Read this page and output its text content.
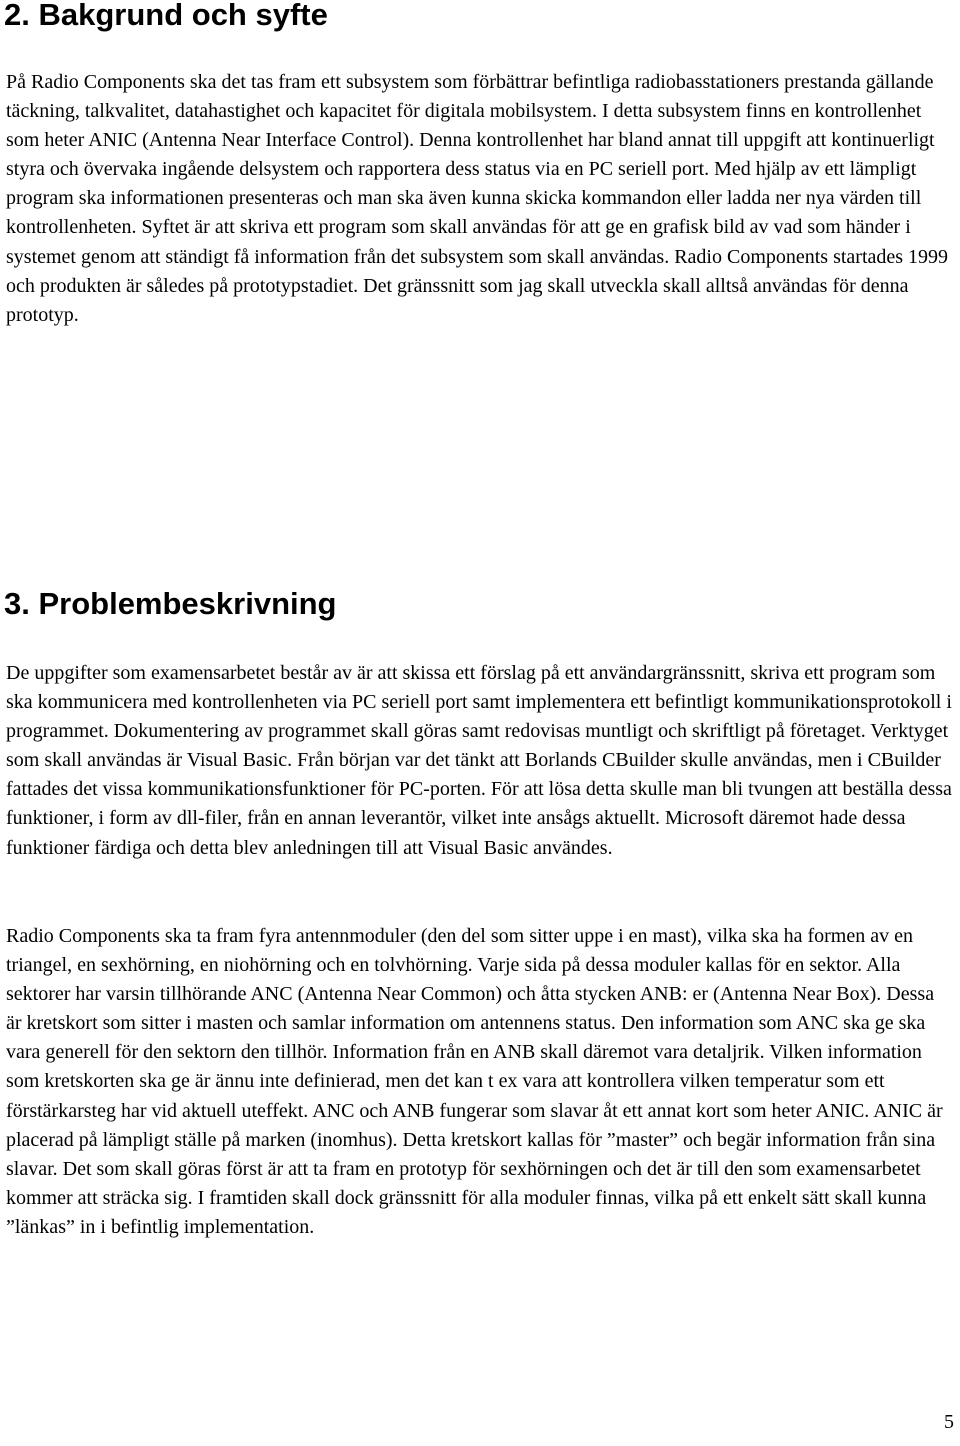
2. Bakgrund och syfte

På Radio Components ska det tas fram ett subsystem som förbättrar befintliga radiobasstationers prestanda gällande täckning, talkvalitet, datahastighet och kapacitet för digitala mobilsystem. I detta subsystem finns en kontrollenhet som heter ANIC (Antenna Near Interface Control). Denna kontrollenhet har bland annat till uppgift att kontinuerligt styra och övervaka ingående delsystem och rapportera dess status via en PC seriell port. Med hjälp av ett lämpligt program ska informationen presenteras och man ska även kunna skicka kommandon eller ladda ner nya värden till kontrollenheten. Syftet är att skriva ett program som skall användas för att ge en grafisk bild av vad som händer i systemet genom att ständigt få information från det subsystem som skall användas. Radio Components startades 1999 och produkten är således på prototypstadiet. Det gränssnitt som jag skall utveckla skall alltså användas för denna prototyp.

3. Problembeskrivning

De uppgifter som examensarbetet består av är att skissa ett förslag på ett användargränssnitt, skriva ett program som ska kommunicera med kontrollenheten via PC seriell port samt implementera ett befintligt kommunikationsprotokoll i programmet. Dokumentering av programmet skall göras samt redovisas muntligt och skriftligt på företaget. Verktyget som skall användas är Visual Basic. Från början var det tänkt att Borlands CBuilder skulle användas, men i CBuilder fattades det vissa kommunikationsfunktioner för PC-porten. För att lösa detta skulle man bli tvungen att beställa dessa funktioner, i form av dll-filer, från en annan leverantör, vilket inte ansågs aktuellt. Microsoft däremot hade dessa funktioner färdiga och detta blev anledningen till att Visual Basic användes.

Radio Components ska ta fram fyra antennmoduler (den del som sitter uppe i en mast), vilka ska ha formen av en triangel, en sexhörning, en niohörning och en tolvhörning. Varje sida på dessa moduler kallas för en sektor. Alla sektorer har varsin tillhörande ANC (Antenna Near Common) och åtta stycken ANB: er (Antenna Near Box). Dessa är kretskort som sitter i masten och samlar information om antennens status. Den information som ANC ska ge ska vara generell för den sektorn den tillhör. Information från en ANB skall däremot vara detaljrik. Vilken information som kretskorten ska ge är ännu inte definierad, men det kan t ex vara att kontrollera vilken temperatur som ett förstärkarsteg har vid aktuell uteffekt. ANC och ANB fungerar som slavar åt ett annat kort som heter ANIC. ANIC är placerad på lämpligt ställe på marken (inomhus). Detta kretskort kallas för ”master” och begär information från sina slavar. Det som skall göras först är att ta fram en prototyp för sexhörningen och det är till den som examensarbetet kommer att sträcka sig. I framtiden skall dock gränssnitt för alla moduler finnas, vilka på ett enkelt sätt skall kunna ”länkas” in i befintlig implementation.

5
